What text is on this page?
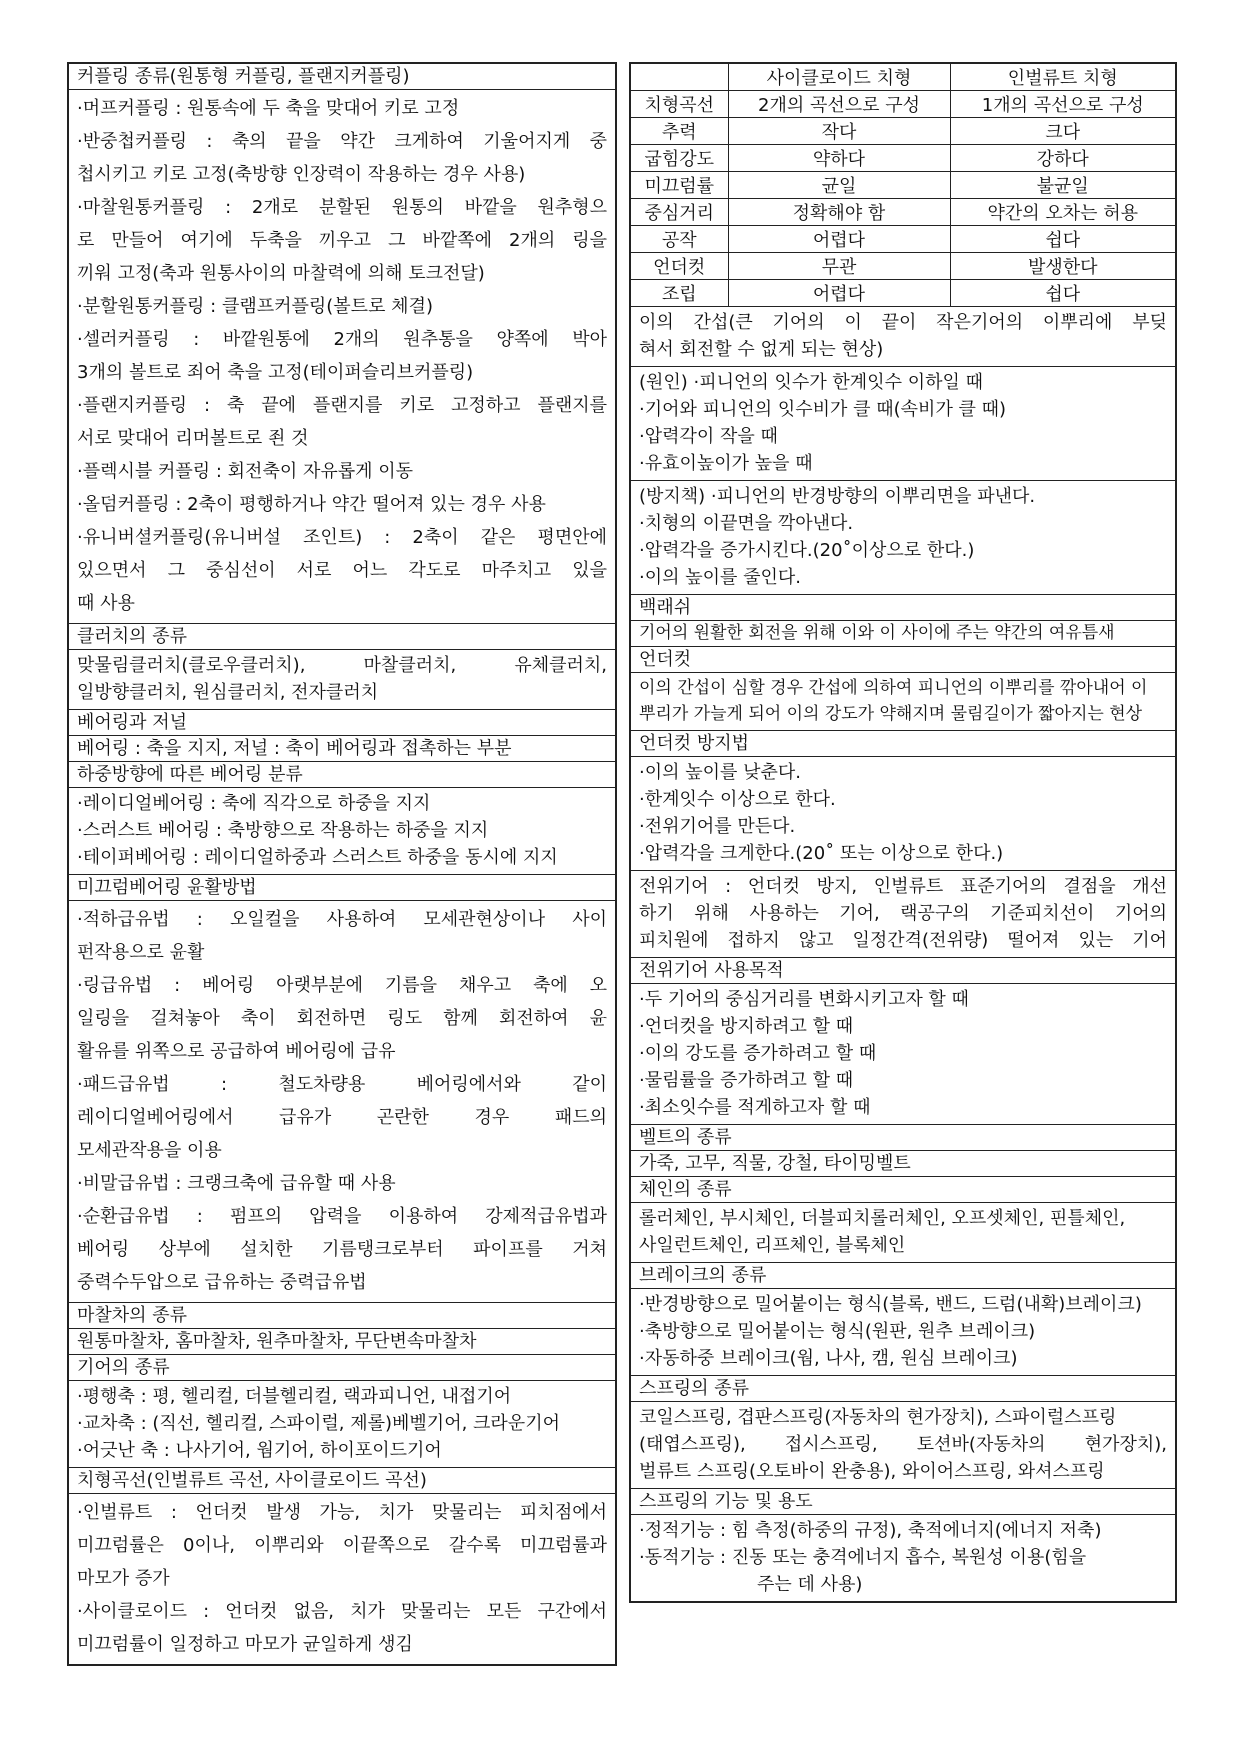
커플링 종류(원통형 커플링, 플랜지커플링)
·머프커플링 : 원통속에 두 축을 맞대어 키로 고정
·반중첩커플링 : 축의 끝을 약간 크게하여 기울어지게 중
첩시키고 키로 고정(축방향 인장력이 작용하는 경우 사용)
·마찰원통커플링 : 2개로 분할된 원통의 바깥을 원추형으
로 만들어 여기에 두축을 끼우고 그 바깥쪽에 2개의 링을
끼워 고정(축과 원통사이의 마찰력에 의해 토크전달)
·분할원통커플링 : 클램프커플링(볼트로 체결)
·셀러커플링 : 바깥원통에 2개의 원추통을 양쪽에 박아
3개의 볼트로 죄어 축을 고정(테이퍼슬리브커플링)
·플랜지커플링 : 축 끝에 플랜지를 키로 고정하고 플랜지를
서로 맞대어 리머볼트로 죈 것
·플렉시블 커플링 : 회전축이 자유롭게 이동
·올덤커플링 : 2축이 평행하거나 약간 떨어져 있는 경우 사용
·유니버셜커플링(유니버설 조인트) : 2축이 같은 평면안에
있으면서 그 중심선이 서로 어느 각도로 마주치고 있을
때 사용
클러치의 종류
맞물림클러치(클로우클러치), 마찰클러치, 유체클러치,
일방향클러치, 원심클러치, 전자클러치
베어링과 저널
베어링 : 축을 지지, 저널 : 축이 베어링과 접촉하는 부분
하중방향에 따른 베어링 분류
·레이디얼베어링 : 축에 직각으로 하중을 지지
·스러스트 베어링 : 축방향으로 작용하는 하중을 지지
·테이퍼베어링 : 레이디얼하중과 스러스트 하중을 동시에 지지
미끄럼베어링 윤활방법
·적하급유법 : 오일컬을 사용하여 모세관현상이나 사이
펀작용으로 윤활
·링급유법 : 베어링 아랫부분에 기름을 채우고 축에 오
일링을 걸쳐놓아 축이 회전하면 링도 함께 회전하여 윤
활유를 위쪽으로 공급하여 베어링에 급유
·패드급유법 : 철도차량용 베어링에서와 같이
레이디얼베어링에서 급유가 곤란한 경우 패드의
모세관작용을 이용
·비말급유법 : 크랭크축에 급유할 때 사용
·순환급유법 : 펌프의 압력을 이용하여 강제적급유법과
베어링 상부에 설치한 기름탱크로부터 파이프를 거쳐
중력수두압으로 급유하는 중력급유법
마찰차의 종류
원통마찰차, 홈마찰차, 원추마찰차, 무단변속마찰차
기어의 종류
·평행축 : 평, 헬리컬, 더블헬리컬, 랙과피니언, 내접기어
·교차축 : (직선, 헬리컬, 스파이럴, 제롤)베벨기어, 크라운기어
·어긋난 축 : 나사기어, 웜기어, 하이포이드기어
치형곡선(인벌류트 곡선, 사이클로이드 곡선)
·인벌류트 : 언더컷 발생 가능, 치가 맞물리는 피치점에서
미끄럼률은 0이나, 이뿌리와 이끝쪽으로 갈수록 미끄럼률과
마모가 증가
·사이클로이드 : 언더컷 없음, 치가 맞물리는 모든 구간에서
미끄럼률이 일정하고 마모가 균일하게 생김
	사이클로이드 치형	인벌류트 치형
치형곡선	2개의 곡선으로 구성	1개의 곡선으로 구성
추력	작다	크다
굽힘강도	약하다	강하다
미끄럼률	균일	불균일
중심거리	정확해야 함	약간의 오차는 허용
공작	어렵다	쉽다
언더컷	무관	발생한다
조립	어렵다	쉽다
이의 간섭(큰 기어의 이 끝이 작은기어의 이뿌리에 부딪
혀서 회전할 수 없게 되는 현상)
(원인) ·피니언의 잇수가 한계잇수 이하일 때
·기어와 피니언의 잇수비가 클 때(속비가 클 때)
·압력각이 작을 때
·유효이높이가 높을 때
(방지책) ·피니언의 반경방향의 이뿌리면을 파낸다.
·치형의 이끝면을 깍아낸다.
·압력각을 증가시킨다.(20˚이상으로 한다.)
·이의 높이를 줄인다.
백래쉬
기어의 원활한 회전을 위해 이와 이 사이에 주는 약간의 여유틈새
언더컷
이의 간섭이 심할 경우 간섭에 의하여 피니언의 이뿌리를 깎아내어 이
뿌리가 가늘게 되어 이의 강도가 약해지며 물림길이가 짧아지는 현상
언더컷 방지법
·이의 높이를 낮춘다.
·한계잇수 이상으로 한다.
·전위기어를 만든다.
·압력각을 크게한다.(20˚ 또는 이상으로 한다.)
전위기어 : 언더컷 방지, 인벌류트 표준기어의 결점을 개선
하기 위해 사용하는 기어, 랙공구의 기준피치선이 기어의
피치원에 접하지 않고 일정간격(전위량) 떨어져 있는 기어
전위기어 사용목적
·두 기어의 중심거리를 변화시키고자 할 때
·언더컷을 방지하려고 할 때
·이의 강도를 증가하려고 할 때
·물림률을 증가하려고 할 때
·최소잇수를 적게하고자 할 때
벨트의 종류
가죽, 고무, 직물, 강철, 타이밍벨트
체인의 종류
롤러체인, 부시체인, 더블피치롤러체인, 오프셋체인, 핀틀체인,
사일런트체인, 리프체인, 블록체인
브레이크의 종류
·반경방향으로 밀어붙이는 형식(블록, 밴드, 드럼(내확)브레이크)
·축방향으로 밀어붙이는 형식(원판, 원추 브레이크)
·자동하중 브레이크(웜, 나사, 캠, 원심 브레이크)
스프링의 종류
코일스프링, 겹판스프링(자동차의 현가장치), 스파이럴스프링
(태엽스프링), 접시스프링, 토션바(자동차의 현가장치),
벌류트 스프링(오토바이 완충용), 와이어스프링, 와셔스프링
스프링의 기능 및 용도
·정적기능 : 힘 측정(하중의 규정), 축적에너지(에너지 저축)
·동적기능 : 진동 또는 충격에너지 흡수, 복원성 이용(힘을
주는 데 사용)
